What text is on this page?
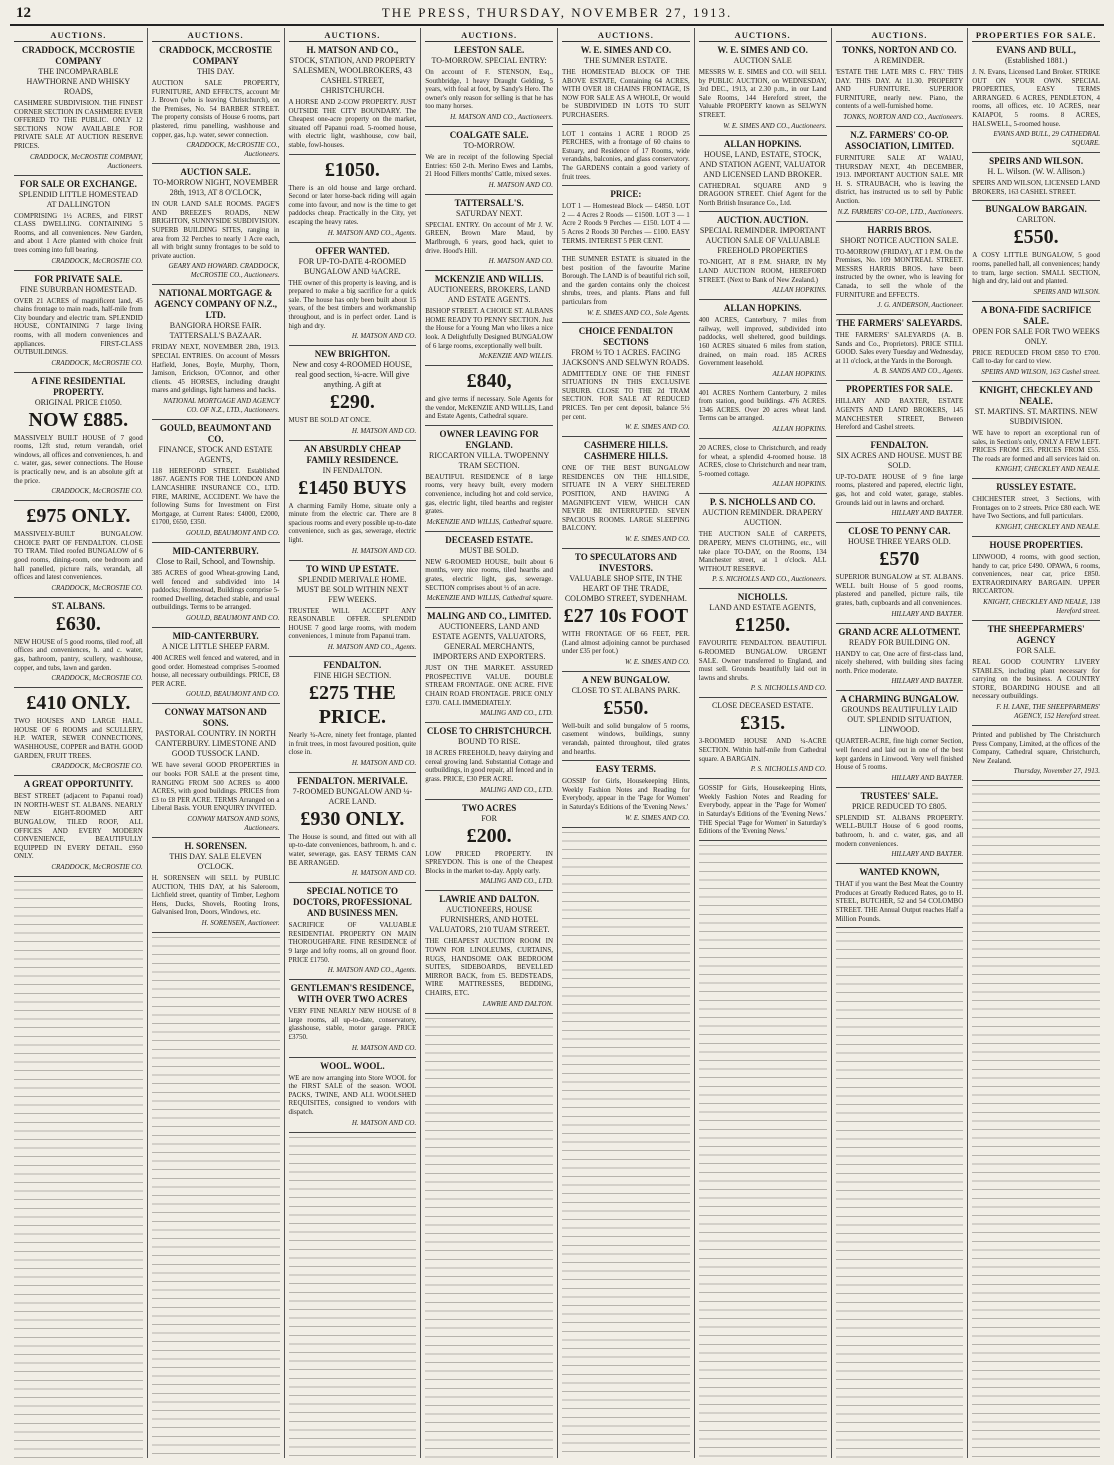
12	THE PRESS, THURSDAY, NOVEMBER 27, 1913.
AUCTIONS.
CRADDOCK, MCCROSTIE COMPANY
THE INCOMPARABLE HAWTHORNE AND WHISKY ROADS,
CASHMERE SUBDIVISION. THE FINEST CORNER SECTION IN CASHMERE EVER OFFERED TO THE PUBLIC. ONLY 12 SECTIONS NOW AVAILABLE FOR PRIVATE SALE AT AUCTION RESERVE PRICES.
CRADDOCK, McCROSTIE COMPANY, Auctioneers.
FOR SALE OR EXCHANGE.
SPLENDID LITTLE HOMESTEAD AT DALLINGTON
COMPRISING 1½ ACRES, and FIRST CLASS DWELLING. CONTAINING 5 Rooms, and all conveniences. New Garden, and about 1 Acre planted with choice fruit trees coming into full bearing.
CRADDOCK, McCROSTIE CO.
FOR PRIVATE SALE.
FINE SUBURBAN HOMESTEAD.
OVER 21 ACRES of magnificent land, 45 chains frontage to main roads, half-mile from City boundary and electric tram. SPLENDID HOUSE, CONTAINING 7 large living rooms, with all modern conveniences and appliances. FIRST-CLASS OUTBUILDINGS.
CRADDOCK, McCROSTIE CO.
A FINE RESIDENTIAL PROPERTY.
ORIGINAL PRICE £1050.
NOW £885.
MASSIVELY BUILT HOUSE of 7 good rooms, 12ft stud, return verandah, oriel windows, all offices and conveniences, h. and c. water, gas, sewer connections. The House is practically new, and is an absolute gift at the price.
CRADDOCK, McCROSTIE CO.
£975 ONLY.
MASSIVELY-BUILT BUNGALOW. CHOICE PART OF FENDALTON. CLOSE TO TRAM. Tiled roofed BUNGALOW of 6 good rooms, dining-room, one bedroom and hall panelled, picture rails, verandah, all offices and latest conveniences.
CRADDOCK, McCROSTIE CO.
ST. ALBANS.
£630.
NEW HOUSE of 5 good rooms, tiled roof, all offices and conveniences, h. and c. water, gas, bathroom, pantry, scullery, washhouse, copper, and tubs, lawn and garden.
CRADDOCK, McCROSTIE CO.
£410 ONLY.
TWO HOUSES AND LARGE HALL. HOUSE OF 6 ROOMS and SCULLERY, H.P. WATER, SEWER CONNECTIONS, WASHHOUSE, COPPER and BATH. GOOD GARDEN, FRUIT TREES.
CRADDOCK, McCROSTIE CO.
A GREAT OPPORTUNITY.
BEST STREET (adjacent to Papanui road) IN NORTH-WEST ST. ALBANS. NEARLY NEW EIGHT-ROOMED ART BUNGALOW, TILED ROOF, ALL OFFICES AND EVERY MODERN CONVENIENCE, BEAUTIFULLY EQUIPPED IN EVERY DETAIL. £950 ONLY.
CRADDOCK, McCROSTIE CO.
AUCTIONS.
CRADDOCK, MCCROSTIE COMPANY
THIS DAY.
AUCTION SALE PROPERTY, FURNITURE, AND EFFECTS, account Mr J. Brown (who is leaving Christchurch), on the Premises, No. 54 BARBER STREET. The property consists of House 6 rooms, part plastered, rimu panelling, washhouse and copper, gas, h.p. water, sewer connection.
CRADDOCK, McCROSTIE CO., Auctioneers.
AUCTION SALE.
TO-MORROW NIGHT, NOVEMBER 28th, 1913, AT 8 O'CLOCK,
IN OUR LAND SALE ROOMS. PAGE'S AND BREEZE'S ROADS, NEW BRIGHTON, SUNNYSIDE SUBDIVISION. SUPERB BUILDING SITES, ranging in area from 32 Perches to nearly 1 Acre each, all with bright sunny frontages to be sold to private auction.
GEARY AND HOWARD. CRADDOCK, McCROSTIE CO., Auctioneers.
NATIONAL MORTGAGE & AGENCY COMPANY OF N.Z., LTD.
BANGIORA HORSE FAIR. TATTERSALL'S BAZAAR.
FRIDAY NEXT, NOVEMBER 28th, 1913. SPECIAL ENTRIES. On account of Messrs Hatfield, Jones, Boyle, Murphy, Thorn, Jamison, Erickson, O'Connor, and other clients. 45 HORSES, including draught mares and geldings, light harness and hacks.
NATIONAL MORTGAGE AND AGENCY CO. OF N.Z., LTD., Auctioneers.
GOULD, BEAUMONT AND CO.
FINANCE, STOCK AND ESTATE AGENTS,
118 HEREFORD STREET. Established 1867. AGENTS FOR THE LONDON AND LANCASHIRE INSURANCE CO., LTD. FIRE, MARINE, ACCIDENT. We have the following Sums for Investment on First Mortgage, at Current Rates: £4000, £2000, £1700, £650, £350.
GOULD, BEAUMONT AND CO.
MID-CANTERBURY.
Close to Rail, School, and Township.
385 ACRES of good Wheat-growing Land, well fenced and subdivided into 14 paddocks; Homestead, Buildings comprise 5-roomed Dwelling, detached stable, and usual outbuildings. Terms to be arranged.
GOULD, BEAUMONT AND CO.
MID-CANTERBURY.
A NICE LITTLE SHEEP FARM.
400 ACRES well fenced and watered, and in good order. Homestead comprises 5-roomed house, all necessary outbuildings. PRICE, £8 PER ACRE.
GOULD, BEAUMONT AND CO.
CONWAY MATSON AND SONS.
PASTORAL COUNTRY. IN NORTH CANTERBURY. LIMESTONE AND GOOD TUSSOCK LAND.
WE have several GOOD PROPERTIES in our books FOR SALE at the present time, RANGING FROM 500 ACRES to 4000 ACRES, with good buildings. PRICES from £3 to £8 PER ACRE. TERMS Arranged on a Liberal Basis. YOUR ENQUIRY INVITED.
CONWAY MATSON AND SONS, Auctioneers.
H. SORENSEN.
THIS DAY. SALE ELEVEN O'CLOCK.
H. SORENSEN will SELL by PUBLIC AUCTION, THIS DAY, at his Saleroom, Lichfield street, quantity of Timber, Leghorn Hens, Ducks, Shovels, Rooting Irons, Galvanised Iron, Doors, Windows, etc.
H. SORENSEN, Auctioneer.
AUCTIONS.
H. MATSON AND CO.,
STOCK, STATION, AND PROPERTY SALESMEN, WOOLBROKERS, 43 CASHEL STREET, CHRISTCHURCH.
A HORSE AND 2-COW PROPERTY. JUST OUTSIDE THE CITY BOUNDARY. The Cheapest one-acre property on the market, situated off Papanui road. 5-roomed house, with electric light, washhouse, cow bail, stable, fowl-houses.
£1050.
There is an old house and large orchard. Second or later horse-back riding will again come into favour, and now is the time to get paddocks cheap. Practically in the City, yet escaping the heavy rates.
H. MATSON AND CO., Agents.
OFFER WANTED.
FOR UP-TO-DATE 4-ROOMED BUNGALOW AND ¼ACRE.
THE owner of this property is leaving, and is prepared to make a big sacrifice for a quick sale. The house has only been built about 15 years, of the best timbers and workmanship throughout, and is in perfect order. Land is high and dry.
H. MATSON AND CO.
NEW BRIGHTON.
New and cosy 4-ROOMED HOUSE, real good section, ¼-acre. Will give anything. A gift at
£290.
MUST BE SOLD AT ONCE.
H. MATSON AND CO.
AN ABSURDLY CHEAP FAMILY RESIDENCE.
IN FENDALTON.
£1450 BUYS
A charming Family Home, situate only a minute from the electric car. There are 8 spacious rooms and every possible up-to-date convenience, such as gas, sewerage, electric light.
H. MATSON AND CO.
TO WIND UP ESTATE.
SPLENDID MERIVALE HOME. MUST BE SOLD WITHIN NEXT FEW WEEKS.
TRUSTEE WILL ACCEPT ANY REASONABLE OFFER. SPLENDID HOUSE 7 good large rooms, with modern conveniences, 1 minute from Papanui tram.
H. MATSON AND CO., Agents.
FENDALTON.
FINE HIGH SECTION.
£275 THE PRICE.
Nearly ¾-Acre, ninety feet frontage, planted in fruit trees, in most favoured position, quite close in.
H. MATSON AND CO.
FENDALTON. MERIVALE.
7-ROOMED BUNGALOW AND ¼-ACRE LAND.
£930 ONLY.
The House is sound, and fitted out with all up-to-date conveniences, bathroom, h. and c. water, sewerage, gas. EASY TERMS CAN BE ARRANGED.
H. MATSON AND CO.
SPECIAL NOTICE TO DOCTORS, PROFESSIONAL AND BUSINESS MEN.
SACRIFICE OF VALUABLE RESIDENTIAL PROPERTY ON MAIN THOROUGHFARE. FINE RESIDENCE of 9 large and lofty rooms, all on ground floor. PRICE £1750.
H. MATSON AND CO., Agents.
GENTLEMAN'S RESIDENCE, WITH OVER TWO ACRES
VERY FINE NEARLY NEW HOUSE of 8 large rooms, all up-to-date, conservatory, glasshouse, stable, motor garage. PRICE £3750.
H. MATSON AND CO.
WOOL. WOOL.
WE are now arranging into Store WOOL for the FIRST SALE of the season. WOOL PACKS, TWINE, AND ALL WOOLSHED REQUISITES, consigned to vendors with dispatch.
H. MATSON AND CO.
AUCTIONS.
LEESTON SALE.
TO-MORROW. SPECIAL ENTRY:
On account of F. STENSON, Esq., Southbridge, 1 heavy Draught Gelding, 5 years, with foal at foot, by Sandy's Hero. The owner's only reason for selling is that he has too many horses.
H. MATSON AND CO., Auctioneers.
COALGATE SALE.
TO-MORROW.
We are in receipt of the following Special Entries: 650 2-th. Merino Ewes and Lambs, 21 Hood Fillers months' Cattle, mixed sexes.
H. MATSON AND CO.
TATTERSALL'S.
SATURDAY NEXT.
SPECIAL ENTRY. On account of Mr J. W. GREEN, Brown Mare Maud, by Marlbrough, 6 years, good hack, quiet to drive. Hood's Hill.
H. MATSON AND CO.
MCKENZIE AND WILLIS.
AUCTIONEERS, BROKERS, LAND AND ESTATE AGENTS.
BISHOP STREET. A CHOICE ST. ALBANS HOME READY TO PENNY SECTION. Just the House for a Young Man who likes a nice look. A Delightfully Designed BUNGALOW of 6 large rooms, exceptionally well built.
McKENZIE AND WILLIS.
£840,
and give terms if necessary. Sole Agents for the vendor, McKENZIE AND WILLIS, Land and Estate Agents, Cathedral square.
OWNER LEAVING FOR ENGLAND.
RICCARTON VILLA. TWOPENNY TRAM SECTION.
BEAUTIFUL RESIDENCE of 8 large rooms, very heavy built, every modern convenience, including hot and cold service, gas, electric light, tiled hearths and register grates.
McKENZIE AND WILLIS, Cathedral square.
DECEASED ESTATE.
MUST BE SOLD.
NEW 6-ROOMED HOUSE, built about 6 months, very nice rooms, tiled hearths and grates, electric light, gas, sewerage. SECTION comprises about ½ of an acre.
McKENZIE AND WILLIS, Cathedral square.
MALING AND CO., LIMITED.
AUCTIONEERS, LAND AND ESTATE AGENTS, VALUATORS, GENERAL MERCHANTS, IMPORTERS AND EXPORTERS.
JUST ON THE MARKET. ASSURED PROSPECTIVE VALUE. DOUBLE STREAM FRONTAGE. ONE ACRE. FIVE CHAIN ROAD FRONTAGE. PRICE ONLY £370. CALL IMMEDIATELY.
MALING AND CO., LTD.
CLOSE TO CHRISTCHURCH.
BOUND TO RISE.
18 ACRES FREEHOLD, heavy dairying and cereal growing land. Substantial Cottage and outbuildings, in good repair, all fenced and in grass. PRICE, £30 PER ACRE.
MALING AND CO., LTD.
TWO ACRES
FOR
£200.
LOW PRICED PROPERTY. IN SPREYDON. This is one of the Cheapest Blocks in the market to-day. Apply early.
MALING AND CO., LTD.
LAWRIE AND DALTON.
AUCTIONEERS, HOUSE FURNISHERS, AND HOTEL VALUATORS, 210 TUAM STREET.
THE CHEAPEST AUCTION ROOM IN TOWN FOR LINOLEUMS, CURTAINS, RUGS, HANDSOME OAK BEDROOM SUITES, SIDEBOARDS, BEVELLED MIRROR BACK, from £5. BEDSTEADS, WIRE MATTRESSES, BEDDING, CHAIRS, ETC.
LAWRIE AND DALTON.
AUCTIONS.
W. E. SIMES AND CO.
THE SUMNER ESTATE.
THE HOMESTEAD BLOCK OF THE ABOVE ESTATE, Containing 64 ACRES, WITH OVER 18 CHAINS FRONTAGE, IS NOW FOR SALE AS A WHOLE, Or would be SUBDIVIDED IN LOTS TO SUIT PURCHASERS.
LOT 1 contains 1 ACRE 1 ROOD 25 PERCHES, with a frontage of 60 chains to Estuary, and Residence of 17 Rooms, wide verandahs, balconies, and glass conservatory. The GARDENS contain a good variety of fruit trees.
PRICE:
LOT 1 — Homestead Block — £4850. LOT 2 — 4 Acres 2 Roods — £1500. LOT 3 — 1 Acre 2 Roods 9 Perches — £150. LOT 4 — 5 Acres 2 Roods 30 Perches — £100. EASY TERMS. INTEREST 5 PER CENT.
THE SUMNER ESTATE is situated in the best position of the favourite Marine Borough. The LAND is of beautiful rich soil, and the garden contains only the choicest shrubs, trees, and plants. Plans and full particulars from
W. E. SIMES AND CO., Sole Agents.
CHOICE FENDALTON SECTIONS
FROM ½ TO 1 ACRES. FACING JACKSON'S AND SELWYN ROADS.
ADMITTEDLY ONE OF THE FINEST SITUATIONS IN THIS EXCLUSIVE SUBURB. CLOSE TO THE 2d TRAM SECTION. FOR SALE AT REDUCED PRICES. Ten per cent deposit, balance 5½ per cent.
W. E. SIMES AND CO.
CASHMERE HILLS. CASHMERE HILLS.
ONE OF THE BEST BUNGALOW RESIDENCES ON THE HILLSIDE, SITUATE IN A VERY SHELTERED POSITION, AND HAVING A MAGNIFICENT VIEW, WHICH CAN NEVER BE INTERRUPTED. SEVEN SPACIOUS ROOMS. LARGE SLEEPING BALCONY.
W. E. SIMES AND CO.
TO SPECULATORS AND INVESTORS.
VALUABLE SHOP SITE, IN THE HEART OF THE TRADE, COLOMBO STREET, SYDENHAM.
£27 10s FOOT
WITH FRONTAGE OF 66 FEET, PER. (Land almost adjoining cannot be purchased under £35 per foot.)
W. E. SIMES AND CO.
A NEW BUNGALOW.
CLOSE TO ST. ALBANS PARK.
£550.
Well-built and solid bungalow of 5 rooms, casement windows, buildings, sunny verandah, painted throughout, tiled grates and hearths.
EASY TERMS.
GOSSIP for Girls, Housekeeping Hints, Weekly Fashion Notes and Reading for Everybody, appear in the 'Page for Women' in Saturday's Editions of the 'Evening News.'
W. E. SIMES AND CO.
AUCTIONS.
W. E. SIMES AND CO.
AUCTION SALE
MESSRS W. E. SIMES and CO. will SELL by PUBLIC AUCTION, on WEDNESDAY, 3rd DEC., 1913, at 2.30 p.m., in our Land Sale Rooms, 144 Hereford street, the Valuable PROPERTY known as SELWYN STREET.
W. E. SIMES AND CO., Auctioneers.
ALLAN HOPKINS.
HOUSE, LAND, ESTATE, STOCK, AND STATION AGENT, VALUATOR AND LICENSED LAND BROKER.
CATHEDRAL SQUARE AND 9 DRAGOON STREET. Chief Agent for the North British Insurance Co., Ltd.
AUCTION. AUCTION.
SPECIAL REMINDER. IMPORTANT AUCTION SALE OF VALUABLE FREEHOLD PROPERTIES
TO-NIGHT, AT 8 P.M. SHARP, IN My LAND AUCTION ROOM, HEREFORD STREET. (Next to Bank of New Zealand.)
ALLAN HOPKINS.
ALLAN HOPKINS.
400 ACRES, Canterbury, 7 miles from railway, well improved, subdivided into paddocks, well sheltered, good buildings. 160 ACRES situated 6 miles from station, drained, on main road. 185 ACRES Government leasehold.
ALLAN HOPKINS.
401 ACRES Northern Canterbury, 2 miles from station, good buildings. 476 ACRES. 1346 ACRES. Over 20 acres wheat land. Terms can be arranged.
ALLAN HOPKINS.
20 ACRES, close to Christchurch, and ready for wheat, a splendid 4-roomed house. 18 ACRES, close to Christchurch and near tram, 5-roomed cottage.
ALLAN HOPKINS.
P. S. NICHOLLS AND CO.
AUCTION REMINDER. DRAPERY AUCTION.
THE AUCTION SALE of CARPETS, DRAPERY, MEN'S CLOTHING, etc., will take place TO-DAY, on the Rooms, 134 Manchester street, at 1 o'clock. ALL WITHOUT RESERVE.
P. S. NICHOLLS AND CO., Auctioneers.
NICHOLLS.
LAND AND ESTATE AGENTS,
£1250.
FAVOURITE FENDALTON. BEAUTIFUL 6-ROOMED BUNGALOW. URGENT SALE. Owner transferred to England, and must sell. Grounds beautifully laid out in lawns and shrubs.
P. S. NICHOLLS AND CO.
CLOSE DECEASED ESTATE.
£315.
3-ROOMED HOUSE AND ¼-ACRE SECTION. Within half-mile from Cathedral square. A BARGAIN.
P. S. NICHOLLS AND CO.
GOSSIP for Girls, Housekeeping Hints, Weekly Fashion Notes and Reading for Everybody, appear in the 'Page for Women' in Saturday's Editions of the 'Evening News.' THE Special 'Page for Women' in Saturday's Editions of the 'Evening News.'
AUCTIONS.
TONKS, NORTON AND CO.
A REMINDER.
'ESTATE THE LATE MRS C. FRY.' THIS DAY. THIS DAY. At 11.30. PROPERTY AND FURNITURE. SUPERIOR FURNITURE, nearly new. Piano, the contents of a well-furnished home.
TONKS, NORTON AND CO., Auctioneers.
N.Z. FARMERS' CO-OP. ASSOCIATION, LIMITED.
FURNITURE SALE AT WAIAU, THURSDAY NEXT, 4th DECEMBER, 1913. IMPORTANT AUCTION SALE. MR H. S. STRAUBACH, who is leaving the district, has instructed us to sell by Public Auction.
N.Z. FARMERS' CO-OP., LTD., Auctioneers.
HARRIS BROS.
SHORT NOTICE AUCTION SALE.
TO-MORROW (FRIDAY), AT 1 P.M. On the Premises, No. 109 MONTREAL STREET. MESSRS HARRIS BROS. have been instructed by the owner, who is leaving for Canada, to sell the whole of the FURNITURE and EFFECTS.
J. G. ANDERSON, Auctioneer.
THE FARMERS' SALEYARDS.
THE FARMERS' SALEYARDS (A. B. Sands and Co., Proprietors). PRICE STILL GOOD. Sales every Tuesday and Wednesday, at 11 o'clock, at the Yards in the Borough.
A. B. SANDS AND CO., Agents.
PROPERTIES FOR SALE.
HILLARY AND BAXTER, ESTATE AGENTS AND LAND BROKERS, 145 MANCHESTER STREET, Between Hereford and Cashel streets.
FENDALTON.
SIX ACRES AND HOUSE. MUST BE SOLD.
UP-TO-DATE HOUSE of 9 fine large rooms, plastered and papered, electric light, gas, hot and cold water, garage, stables. Grounds laid out in lawns and orchard.
HILLARY AND BAXTER.
CLOSE TO PENNY CAR.
HOUSE THREE YEARS OLD.
£570
SUPERIOR BUNGALOW at ST. ALBANS. WELL built House of 5 good rooms, plastered and panelled, picture rails, tile grates, bath, cupboards and all conveniences.
HILLARY AND BAXTER.
GRAND ACRE ALLOTMENT.
READY FOR BUILDING ON.
HANDY to car, One acre of first-class land, nicely sheltered, with building sites facing north. Price moderate.
HILLARY AND BAXTER.
A CHARMING BUNGALOW.
GROUNDS BEAUTIFULLY LAID OUT. SPLENDID SITUATION, LINWOOD.
QUARTER-ACRE, fine high corner Section, well fenced and laid out in one of the best kept gardens in Linwood. Very well finished House of 5 rooms.
HILLARY AND BAXTER.
TRUSTEES' SALE.
PRICE REDUCED TO £805.
SPLENDID ST. ALBANS PROPERTY. WELL-BUILT House of 6 good rooms, bathroom, h. and c. water, gas, and all modern conveniences.
HILLARY AND BAXTER.
WANTED KNOWN,
THAT if you want the Best Meat the Country Produces at Greatly Reduced Rates, go to H. STEEL, BUTCHER, 52 and 54 COLOMBO STREET. THE Annual Output reaches Half a Million Pounds.
PROPERTIES FOR SALE.
EVANS AND BULL,
(Established 1881.)
J. N. Evans, Licensed Land Broker. STRIKE OUT ON YOUR OWN. SPECIAL PROPERTIES, EASY TERMS ARRANGED. 6 ACRES, PENDLETON, 4 rooms, all offices, etc. 10 ACRES, near KAIAPOI, 5 rooms. 8 ACRES, HALSWELL, 5-roomed house.
EVANS AND BULL, 29 CATHEDRAL SQUARE.
SPEIRS AND WILSON.
H. L. Wilson. (W. W. Allison.)
SPEIRS AND WILSON, LICENSED LAND BROKERS, 163 CASHEL STREET.
BUNGALOW BARGAIN.
CARLTON.
£550.
A COSY LITTLE BUNGALOW, 5 good rooms, panelled hall, all conveniences; handy to tram, large section. SMALL SECTION, high and dry, laid out and planted.
SPEIRS AND WILSON.
A BONA-FIDE SACRIFICE SALE.
OPEN FOR SALE FOR TWO WEEKS ONLY.
PRICE REDUCED FROM £850 TO £700. Call to-day for card to view.
SPEIRS AND WILSON, 163 Cashel street.
KNIGHT, CHECKLEY AND NEALE.
ST. MARTINS. ST. MARTINS. NEW SUBDIVISION.
WE have to report an exceptional run of sales, in Section's only, ONLY A FEW LEFT. PRICES FROM £35. PRICES FROM £55. The roads are formed and all services laid on.
KNIGHT, CHECKLEY AND NEALE.
RUSSLEY ESTATE.
CHICHESTER street, 3 Sections, with Frontages on to 2 streets. Price £80 each. WE have Two Sections, and full particulars.
KNIGHT, CHECKLEY AND NEALE.
HOUSE PROPERTIES.
LINWOOD, 4 rooms, with good section, handy to car, price £490. OPAWA, 6 rooms, conveniences, near car, price £850. EXTRAORDINARY BARGAIN. UPPER RICCARTON.
KNIGHT, CHECKLEY AND NEALE, 138 Hereford street.
THE SHEEPFARMERS' AGENCY
FOR SALE.
REAL GOOD COUNTRY LIVERY STABLES, including plant necessary for carrying on the business. A COUNTRY STORE, BOARDING HOUSE and all necessary outbuildings.
F. H. LANE, THE SHEEPFARMERS' AGENCY, 152 Hereford street.
Printed and published by The Christchurch Press Company, Limited, at the offices of the Company, Cathedral square, Christchurch, New Zealand.
Thursday, November 27, 1913.
